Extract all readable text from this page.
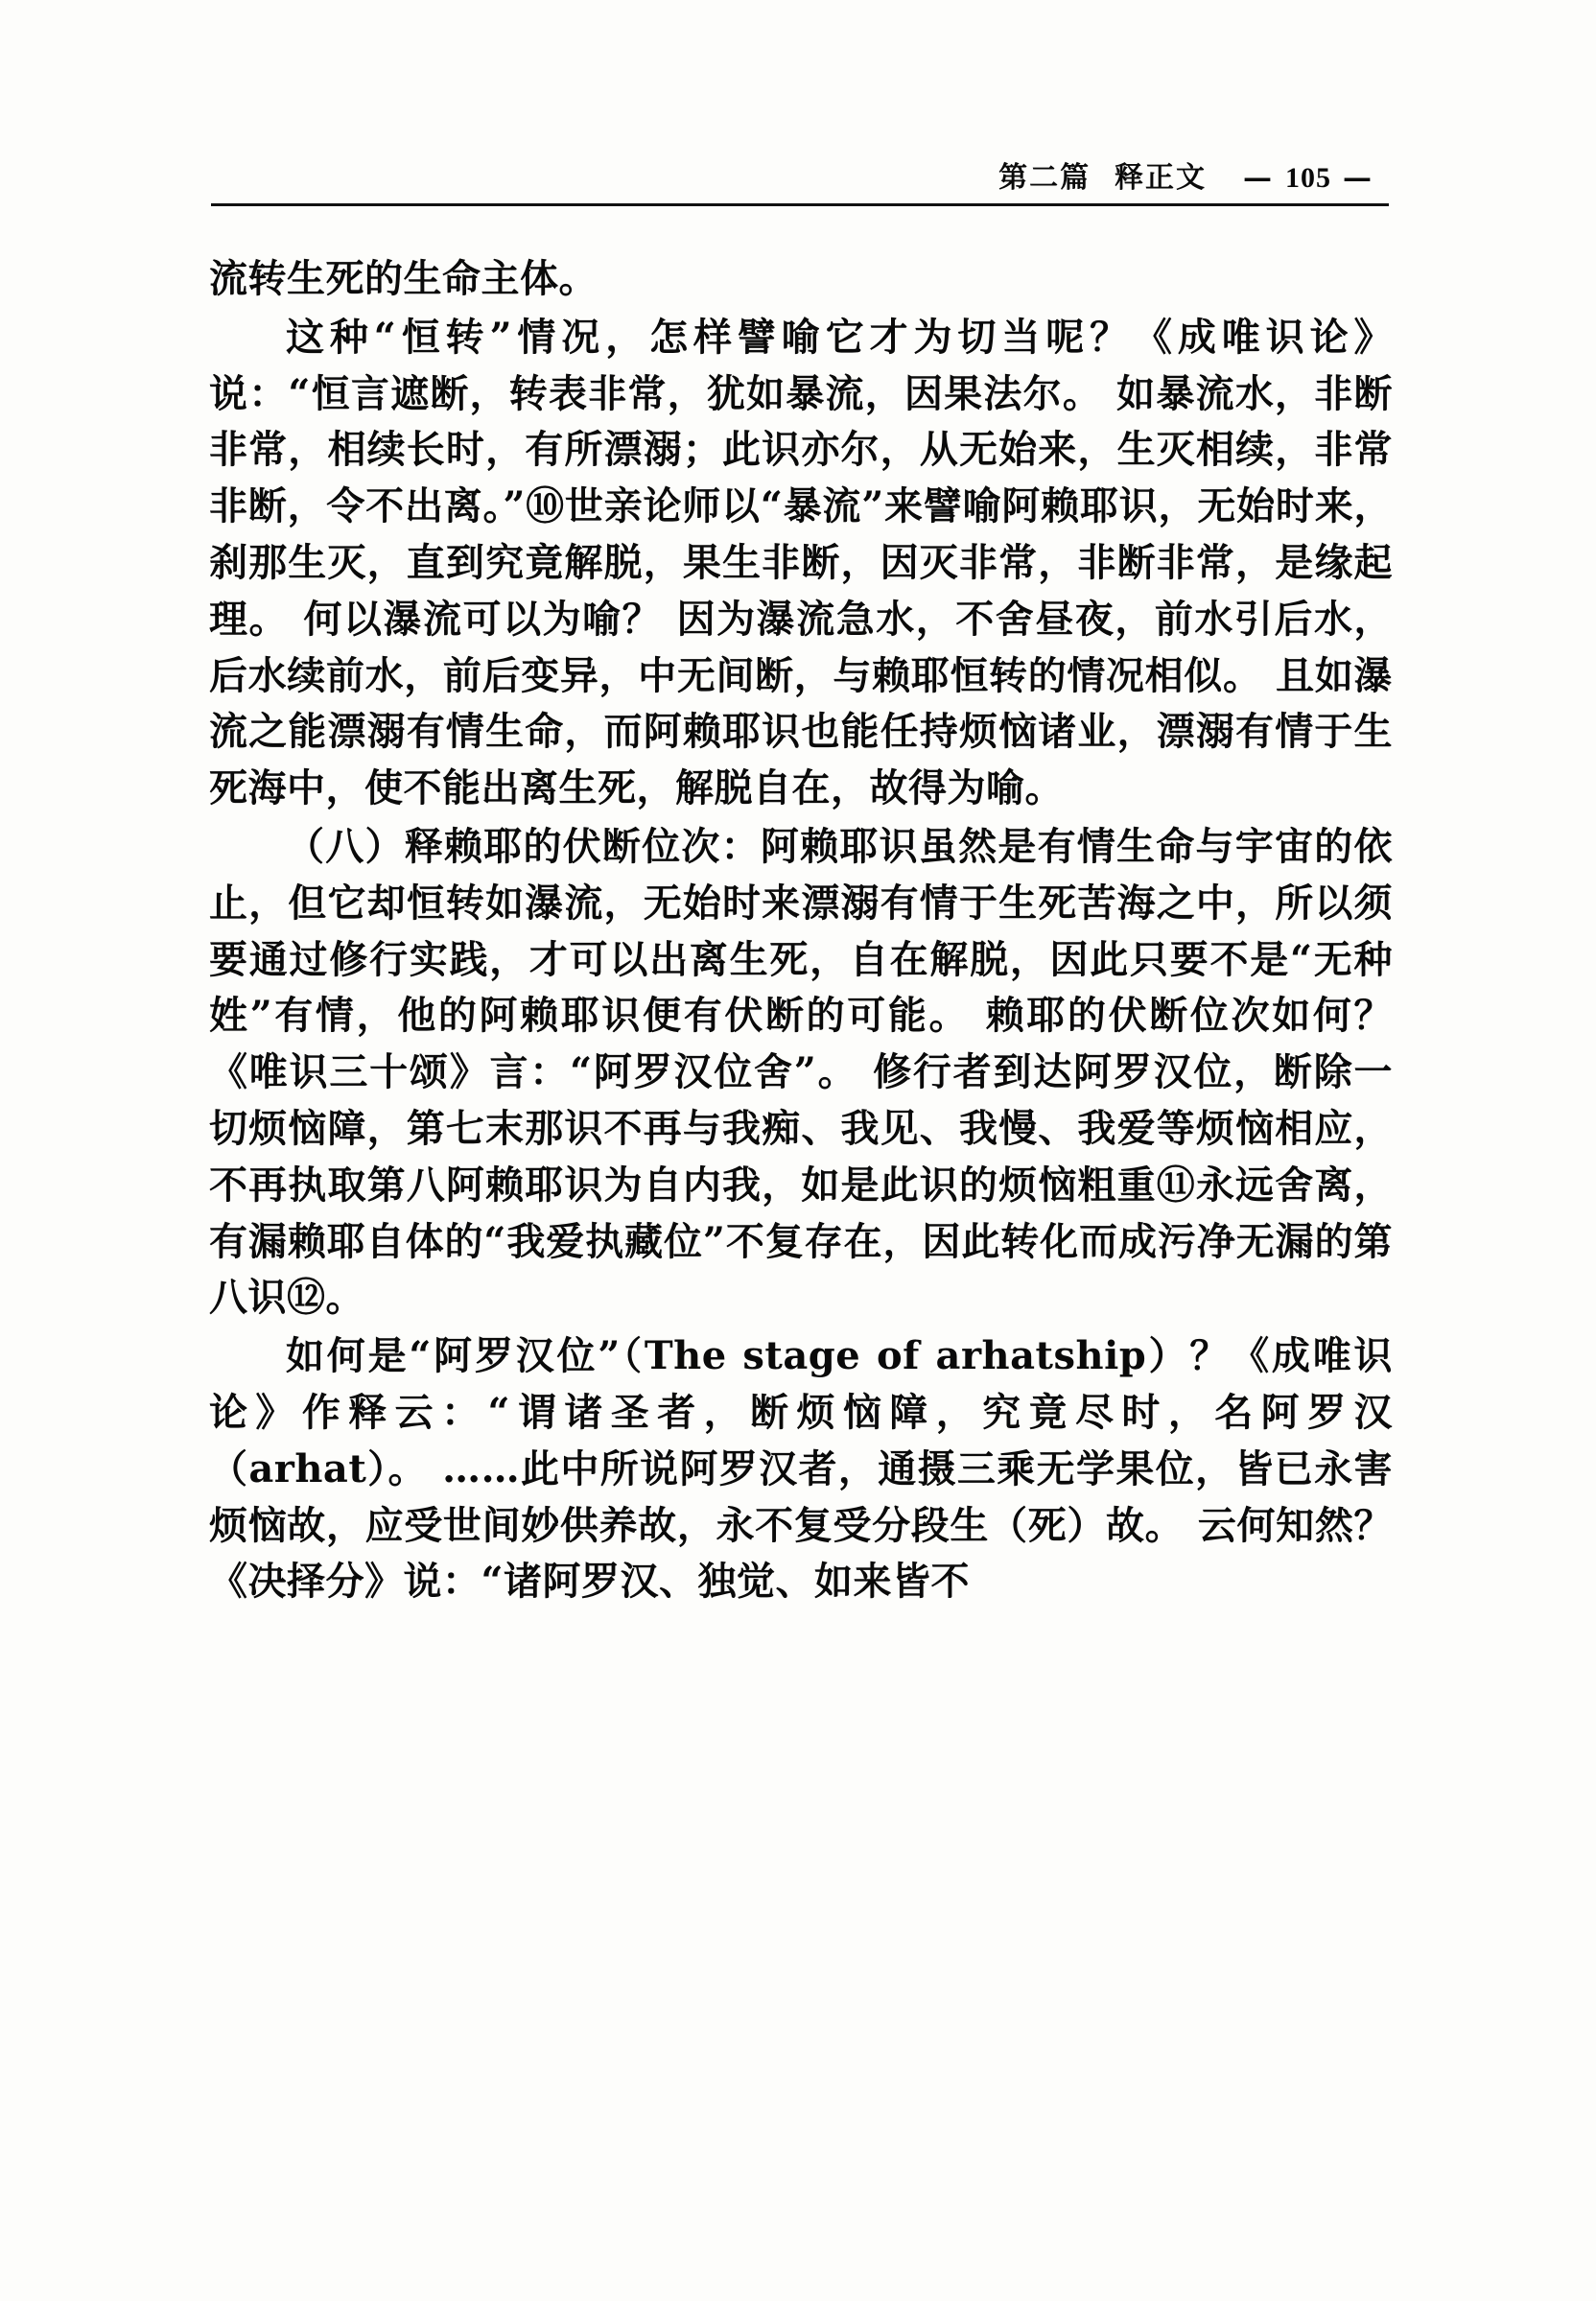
第二篇  释正文 — 105 —

流转生死的生命主体。

这种“恒转”情况，怎样譬喻它才为切当呢？《成唯识论》说：“恒言遮断，转表非常，犹如暴流，因果法尔。 如暴流水，非断非常，相续长时，有所漂溺；此识亦尔，从无始来，生灭相续，非常非断，令不出离。”⑩世亲论师以“暴流”来譬喻阿赖耶识，无始时来，刹那生灭，直到究竟解脱，果生非断，因灭非常，非断非常，是缘起理。 何以瀑流可以为喻？ 因为瀑流急水，不舍昼夜，前水引后水，后水续前水，前后变异，中无间断，与赖耶恒转的情况相似。 且如瀑流之能漂溺有情生命，而阿赖耶识也能任持烦恼诸业，漂溺有情于生死海中，使不能出离生死，解脱自在，故得为喻。

（八）释赖耶的伏断位次：阿赖耶识虽然是有情生命与宇宙的依止，但它却恒转如瀑流，无始时来漂溺有情于生死苦海之中，所以须要通过修行实践，才可以出离生死，自在解脱，因此只要不是“无种姓”有情，他的阿赖耶识便有伏断的可能。 赖耶的伏断位次如何？《唯识三十颂》言：“阿罗汉位舍”。 修行者到达阿罗汉位，断除一切烦恼障，第七末那识不再与我痴、我见、我慢、我爱等烦恼相应，不再执取第八阿赖耶识为自内我，如是此识的烦恼粗重⑪永远舍离，有漏赖耶自体的“我爱执藏位”不复存在，因此转化而成污净无漏的第八识⑫。

如何是“阿罗汉位”（The stage of arhatship）？《成唯识论》作释云：“谓诸圣者，断烦恼障，究竟尽时，名阿罗汉（arhat）。 ……此中所说阿罗汉者，通摄三乘无学果位，皆已永害烦恼故，应受世间妙供养故，永不复受分段生（死）故。 云何知然？《决择分》说：“诸阿罗汉、独觉、如来皆不
